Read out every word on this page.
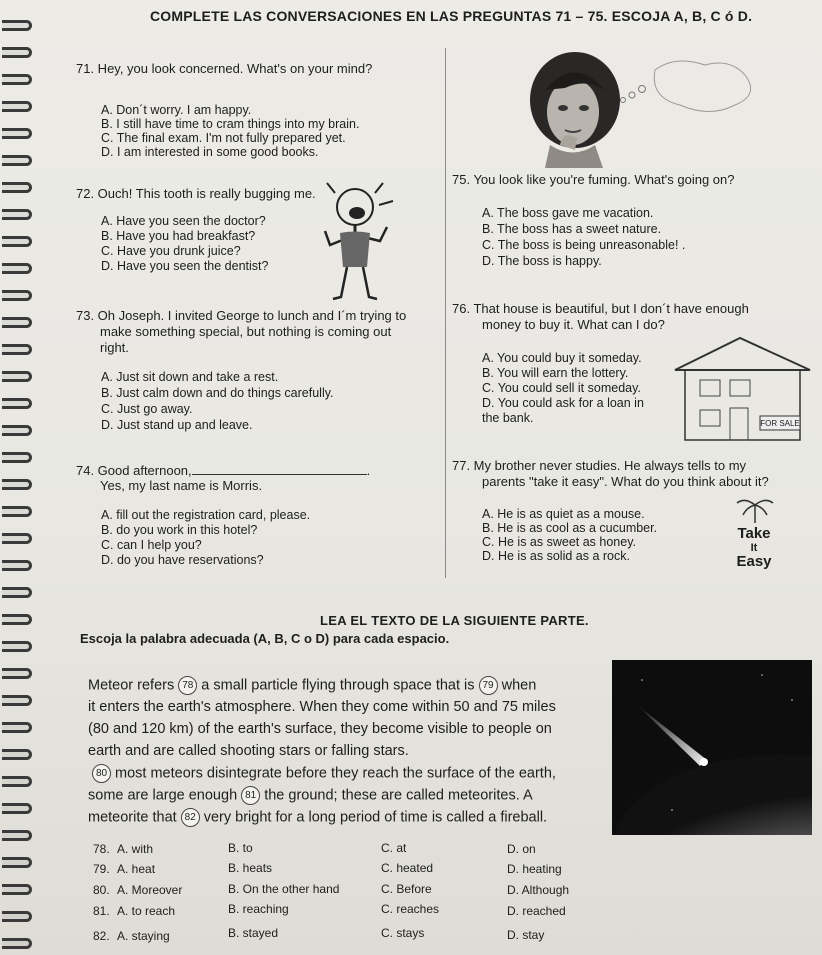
COMPLETE LAS CONVERSACIONES EN LAS PREGUNTAS 71 – 75. ESCOJA A, B, C ó D.
71. Hey, you look concerned. What's on your mind?
A. Don´t worry. I am happy.
B. I still have time to cram things into my brain.
C. The final exam. I'm not fully prepared yet.
D. I am interested in some good books.
72. Ouch! This tooth is really bugging me.
A. Have you seen the doctor?
B. Have you had breakfast?
C. Have you drunk juice?
D. Have you seen the dentist?
75. You look like you're fuming. What's going on?
A. The boss gave me vacation.
B. The boss has a sweet nature.
C. The boss is being unreasonable! .
D. The boss is happy.
73. Oh Joseph. I invited George to lunch and I´m trying to
make something special, but nothing is coming out
right.
A. Just sit down and take a rest.
B. Just calm down and do things carefully.
C. Just go away.
D. Just stand up and leave.
76. That house is beautiful, but I don´t have enough
money to buy it. What can I do?
A. You could buy it someday.
B. You will earn the lottery.
C. You could sell it someday.
D. You could ask for a loan in
the bank.	FOR SALE
74. Good afternoon,	.
Yes, my last name is Morris.
A. fill out the registration card, please.
B. do you work in this hotel?
C. can I help you?
D. do you have reservations?
77. My brother never studies. He always tells to my
parents "take it easy". What do you think about it?
A. He is as quiet as a mouse.
B. He is as cool as a cucumber.
C. He is as sweet as honey.
D. He is as solid as a rock.
Take
It
Easy
LEA EL TEXTO DE LA SIGUIENTE PARTE.
Escoja la palabra adecuada (A, B, C o D) para cada espacio.
Meteor refers 78 a small particle flying through space that is 79 when
it enters the earth's atmosphere. When they come within 50 and 75 miles
(80 and 120 km) of the earth's surface, they become visible to people on
earth and are called shooting stars or falling stars.
80 most meteors disintegrate before they reach the surface of the earth,
some are large enough 81 the ground; these are called meteorites. A
meteorite that 82 very bright for a long period of time is called a fireball.
78. A. with	B. to	C. at	D. on
79. A. heat	B. heats	C. heated	D. heating
80. A. Moreover	B. On the other hand	C. Before	D. Although
81. A. to reach	B. reaching	C. reaches	D. reached
82. A. staying	B. stayed	C. stays	D. stay
